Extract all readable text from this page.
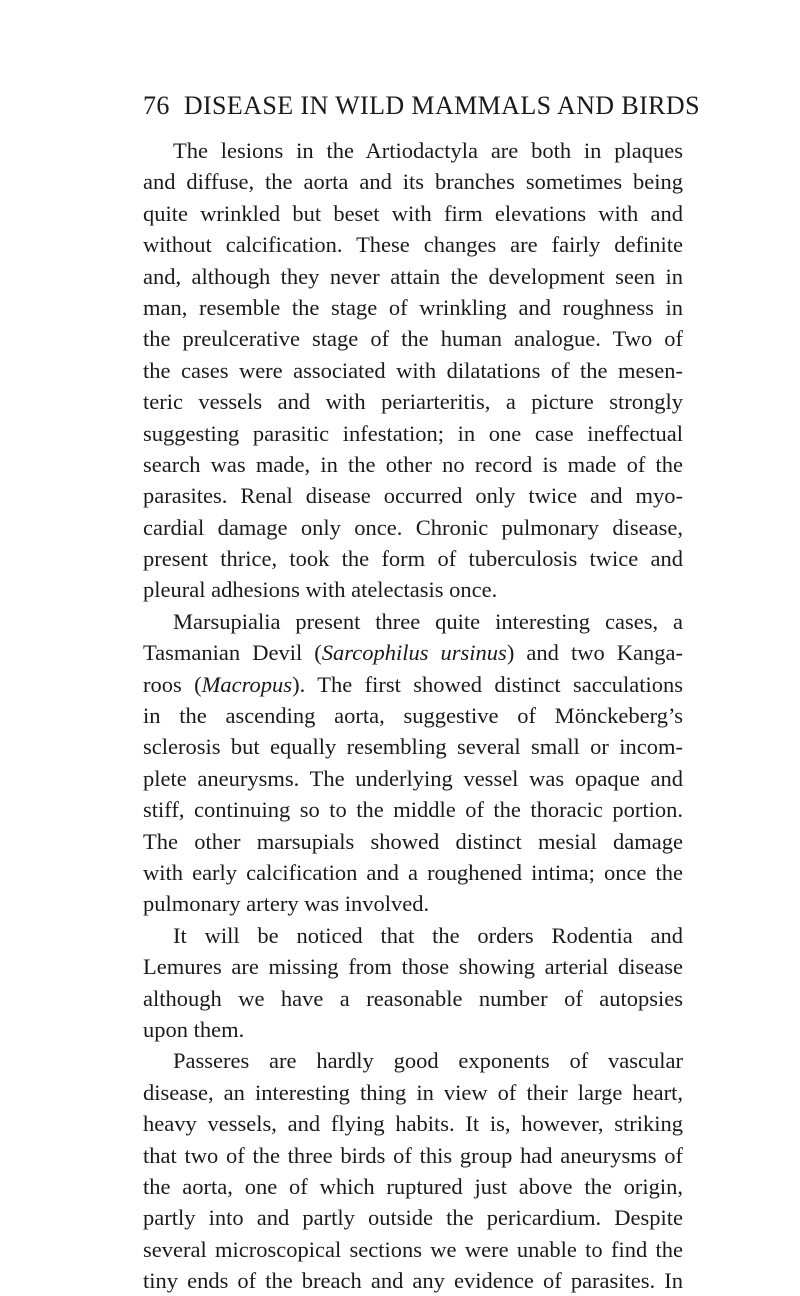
76 DISEASE IN WILD MAMMALS AND BIRDS
The lesions in the Artiodactyla are both in plaques
and diffuse, the aorta and its branches sometimes being
quite wrinkled but beset with firm elevations with and
without calcification. These changes are fairly definite
and, although they never attain the development seen in
man, resemble the stage of wrinkling and roughness in
the preulcerative stage of the human analogue. Two of
the cases were associated with dilatations of the mesen-
teric vessels and with periarteritis, a picture strongly
suggesting parasitic infestation; in one case ineffectual
search was made, in the other no record is made of the
parasites. Renal disease occurred only twice and myo-
cardial damage only once. Chronic pulmonary disease,
present thrice, took the form of tuberculosis twice and
pleural adhesions with atelectasis once.
Marsupialia present three quite interesting cases, a
Tasmanian Devil (Sarcophilus ursinus) and two Kanga-
roos (Macropus). The first showed distinct sacculations
in the ascending aorta, suggestive of Mönckeberg’s
sclerosis but equally resembling several small or incom-
plete aneurysms. The underlying vessel was opaque and
stiff, continuing so to the middle of the thoracic portion.
The other marsupials showed distinct mesial damage
with early calcification and a roughened intima; once the
pulmonary artery was involved.
It will be noticed that the orders Rodentia and
Lemures are missing from those showing arterial disease
although we have a reasonable number of autopsies
upon them.
Passeres are hardly good exponents of vascular
disease, an interesting thing in view of their large heart,
heavy vessels, and flying habits. It is, however, striking
that two of the three birds of this group had aneurysms of
the aorta, one of which ruptured just above the origin,
partly into and partly outside the pericardium. Despite
several microscopical sections we were unable to find the
tiny ends of the breach and any evidence of parasites. In
